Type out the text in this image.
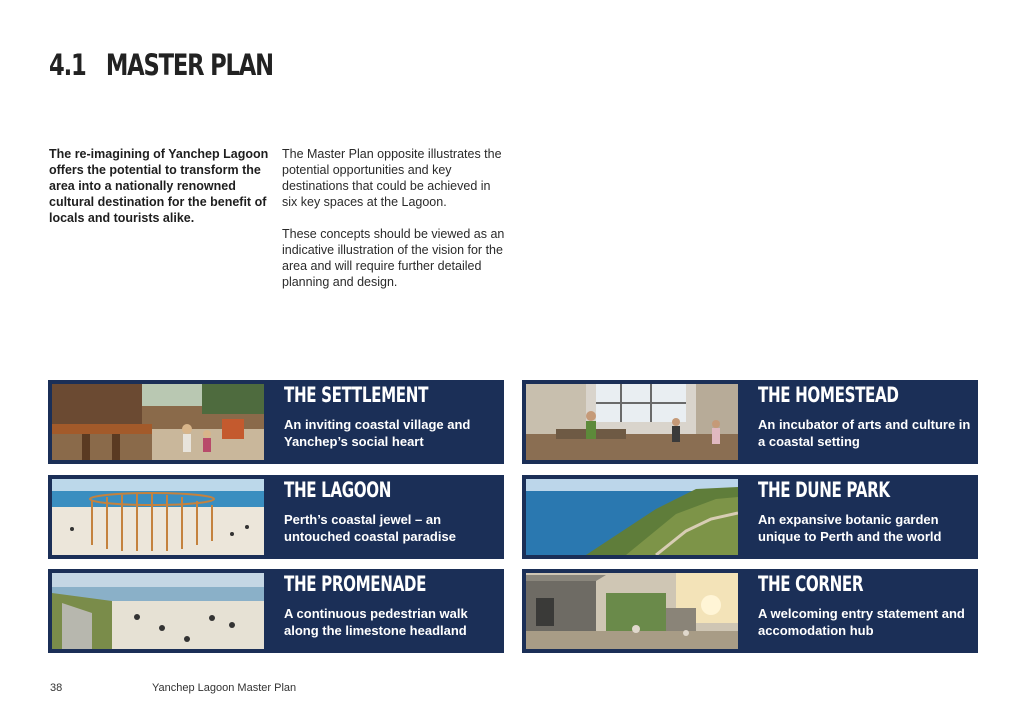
4.1 MASTER PLAN

The re-imagining of Yanchep Lagoon offers the potential to transform the area into a nationally renowned cultural destination for the benefit of locals and tourists alike.

The Master Plan opposite illustrates the potential opportunities and key destinations that could be achieved in six key spaces at the Lagoon.

These concepts should be viewed as an indicative illustration of the vision for the area and will require further detailed planning and design.

THE SETTLEMENT
An inviting coastal village and Yanchep’s social heart
THE HOMESTEAD
An incubator of arts and culture in a coastal setting
THE LAGOON
Perth’s coastal jewel – an untouched coastal paradise
THE DUNE PARK
An expansive botanic garden unique to Perth and the world
THE PROMENADE
A continuous pedestrian walk along the limestone headland
THE CORNER
A welcoming entry statement and accomodation hub
38	Yanchep Lagoon Master Plan
